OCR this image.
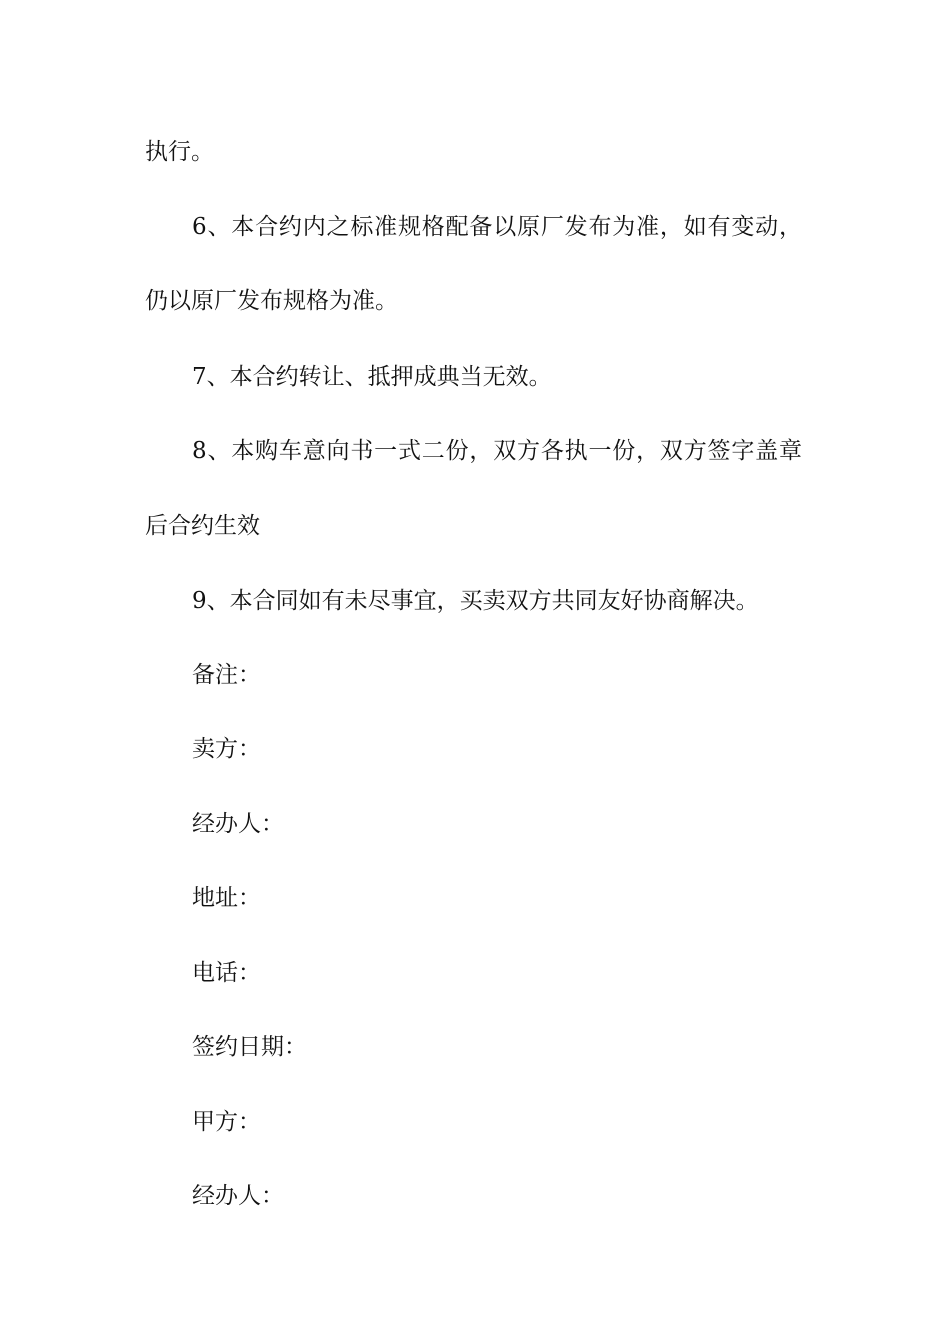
执行。
6、本合约内之标准规格配备以原厂发布为准，如有变动，
仍以原厂发布规格为准。
7、本合约转让、抵押成典当无效。
8、本购车意向书一式二份，双方各执一份，双方签字盖章
后合约生效
9、本合同如有未尽事宜，买卖双方共同友好协商解决。
备注：
卖方：
经办人：
地址：
电话：
签约日期：
甲方：
经办人：
